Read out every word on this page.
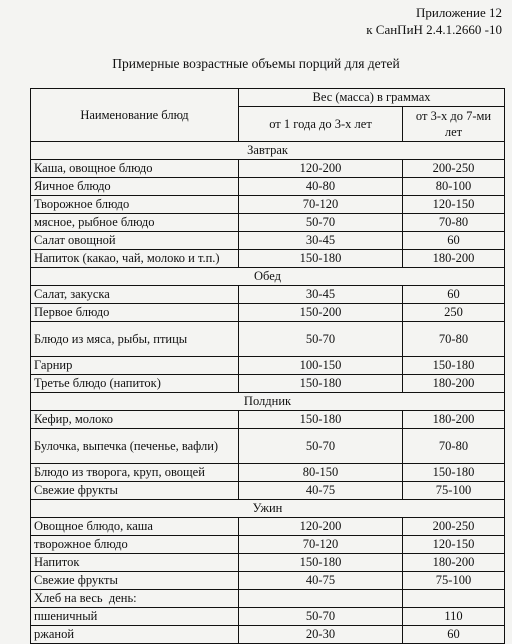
Приложение 12
к СанПиН 2.4.1.2660 -10
Примерные возрастные объемы порций для детей
Наименование блюд	Вес (масса) в граммах	
	от 1 года до 3-х лет	от 3-х до 7-ми лет
Завтрак		
Каша, овощное блюдо	120-200	200-250
Яичное блюдо	40-80	80-100
Творожное блюдо	70-120	120-150
мясное, рыбное блюдо	50-70	70-80
Салат овощной	30-45	60
Напиток (какао, чай, молоко и т.п.)	150-180	180-200
Обед		
Салат, закуска	30-45	60
Первое блюдо	150-200	250
Блюдо из мяса, рыбы, птицы	50-70	70-80
Гарнир	100-150	150-180
Третье блюдо (напиток)	150-180	180-200
Полдник		
Кефир, молоко	150-180	180-200
Булочка, выпечка (печенье, вафли)	50-70	70-80
Блюдо из творога, круп, овощей	80-150	150-180
Свежие фрукты	40-75	75-100
Ужин		
Овощное блюдо, каша	120-200	200-250
творожное блюдо	70-120	120-150
Напиток	150-180	180-200
Свежие фрукты	40-75	75-100
Хлеб на весь  день:		
пшеничный	50-70	110
ржаной	20-30	60
